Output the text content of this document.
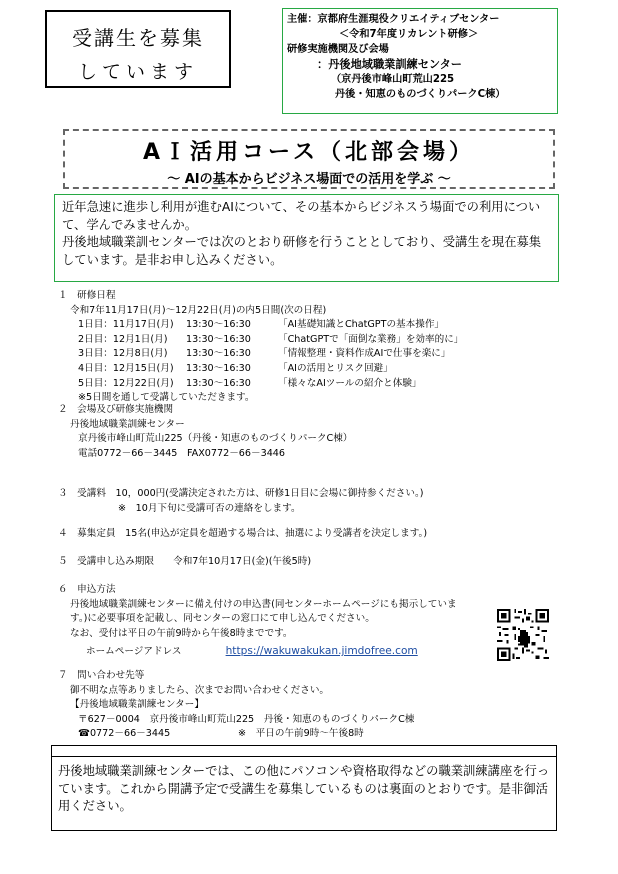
受講生を募集
しています
主催：京都府生涯現役クリエイティブセンター
＜令和7年度リカレント研修＞
研修実施機関及び会場
：丹後地域職業訓練センター
（京丹後市峰山町荒山225
丹後・知恵のものづくりパークC棟）
AＩ活用コース（北部会場）
～ AIの基本からビジネス場面での活用を学ぶ ～
近年急速に進歩し利用が進むAIについて、その基本からビジネスう場面での利用について、学んでみませんか。
丹後地域職業訓センターでは次のとおり研修を行うこととしており、受講生を現在募集しています。是非お申し込みください。
１　研修日程
令和7年11月17日(月)～12月22日(月)の内5日間(次の日程)
1日目：11月17日(月) 13:30～16:30	「AI基礎知識とChatGPTの基本操作」
2日目：12月1日(月) 13:30～16:30	「ChatGPTで「面倒な業務」を効率的に」
3日目：12月8日(月) 13:30～16:30	「情報整理・資料作成AIで仕事を楽に」
4日目：12月15日(月) 13:30～16:30	「AIの活用とリスク回避」
5日目：12月22日(月) 13:30～16:30	「様々なAIツールの紹介と体験」
※5日間を通して受講していただきます。
２　会場及び研修実施機関
丹後地域職業訓練センター
京丹後市峰山町荒山225（丹後・知恵のものづくりパークC棟）
電話0772－66－3445　FAX0772－66－3446
３　受講料　10，000円(受講決定された方は、研修1日目に会場に御持参ください。)
※　10月下旬に受講可否の連絡をします。
４　募集定員　15名(申込が定員を超過する場合は、抽選により受講者を決定します。)
５　受講申し込み期限　　令和7年10月17日(金)(午後5時)
６　申込方法
丹後地域職業訓練センターに備え付けの申込書(同センターホームページにも掲示していま
す。)に必要事項を記載し、同センターの窓口にて申し込んでください。
なお、受付は平日の午前9時から午後8時までです。
ホームページアドレス	https://wakuwakukan.jimdofree.com
７　問い合わせ先等
御不明な点等ありましたら、次までお問い合わせください。
【丹後地域職業訓練センター】
〒627－0004　京丹後市峰山町荒山225　丹後・知恵のものづくりパークC棟
☎0772－66－3445	※　平日の午前9時～午後8時
丹後地域職業訓練センターでは、この他にパソコンや資格取得などの職業訓練講座を行っています。これから開講予定で受講生を募集しているものは裏面のとおりです。是非御活用ください。
